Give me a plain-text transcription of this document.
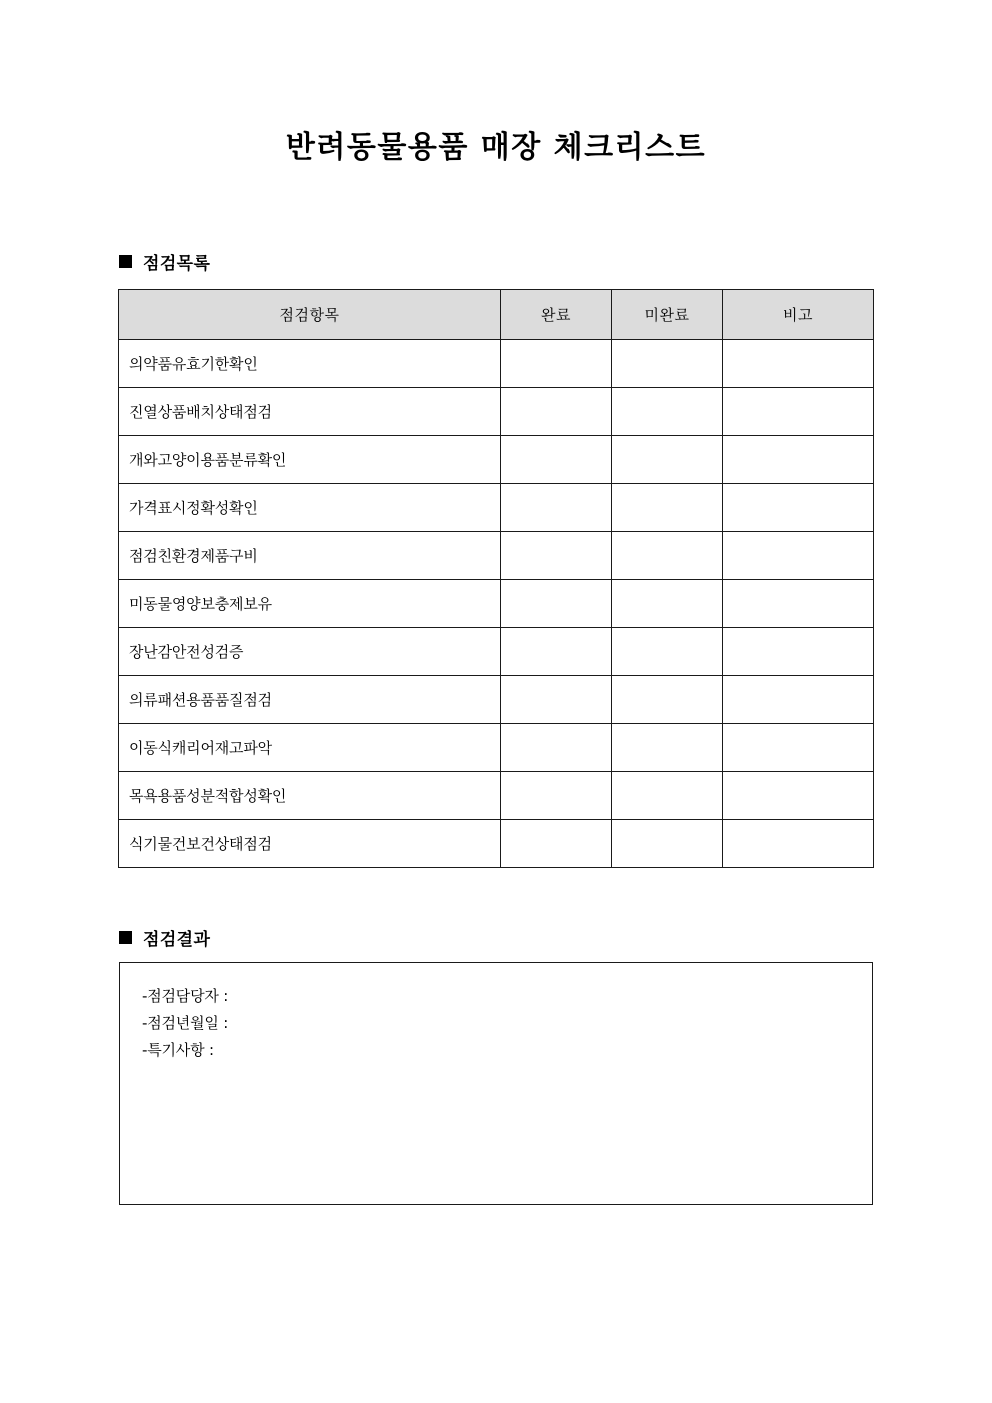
반려동물용품 매장 체크리스트
점검목록
점검항목	완료	미완료	비고
의약품유효기한확인			
진열상품배치상태점검			
개와고양이용품분류확인			
가격표시정확성확인			
점검친환경제품구비			
미동물영양보충제보유			
장난감안전성검증			
의류패션용품품질점검			
이동식캐리어재고파악			
목욕용품성분적합성확인			
식기물건보건상태점검			
점검결과
-점검담당자 :
-점검년월일 :
-특기사항 :
